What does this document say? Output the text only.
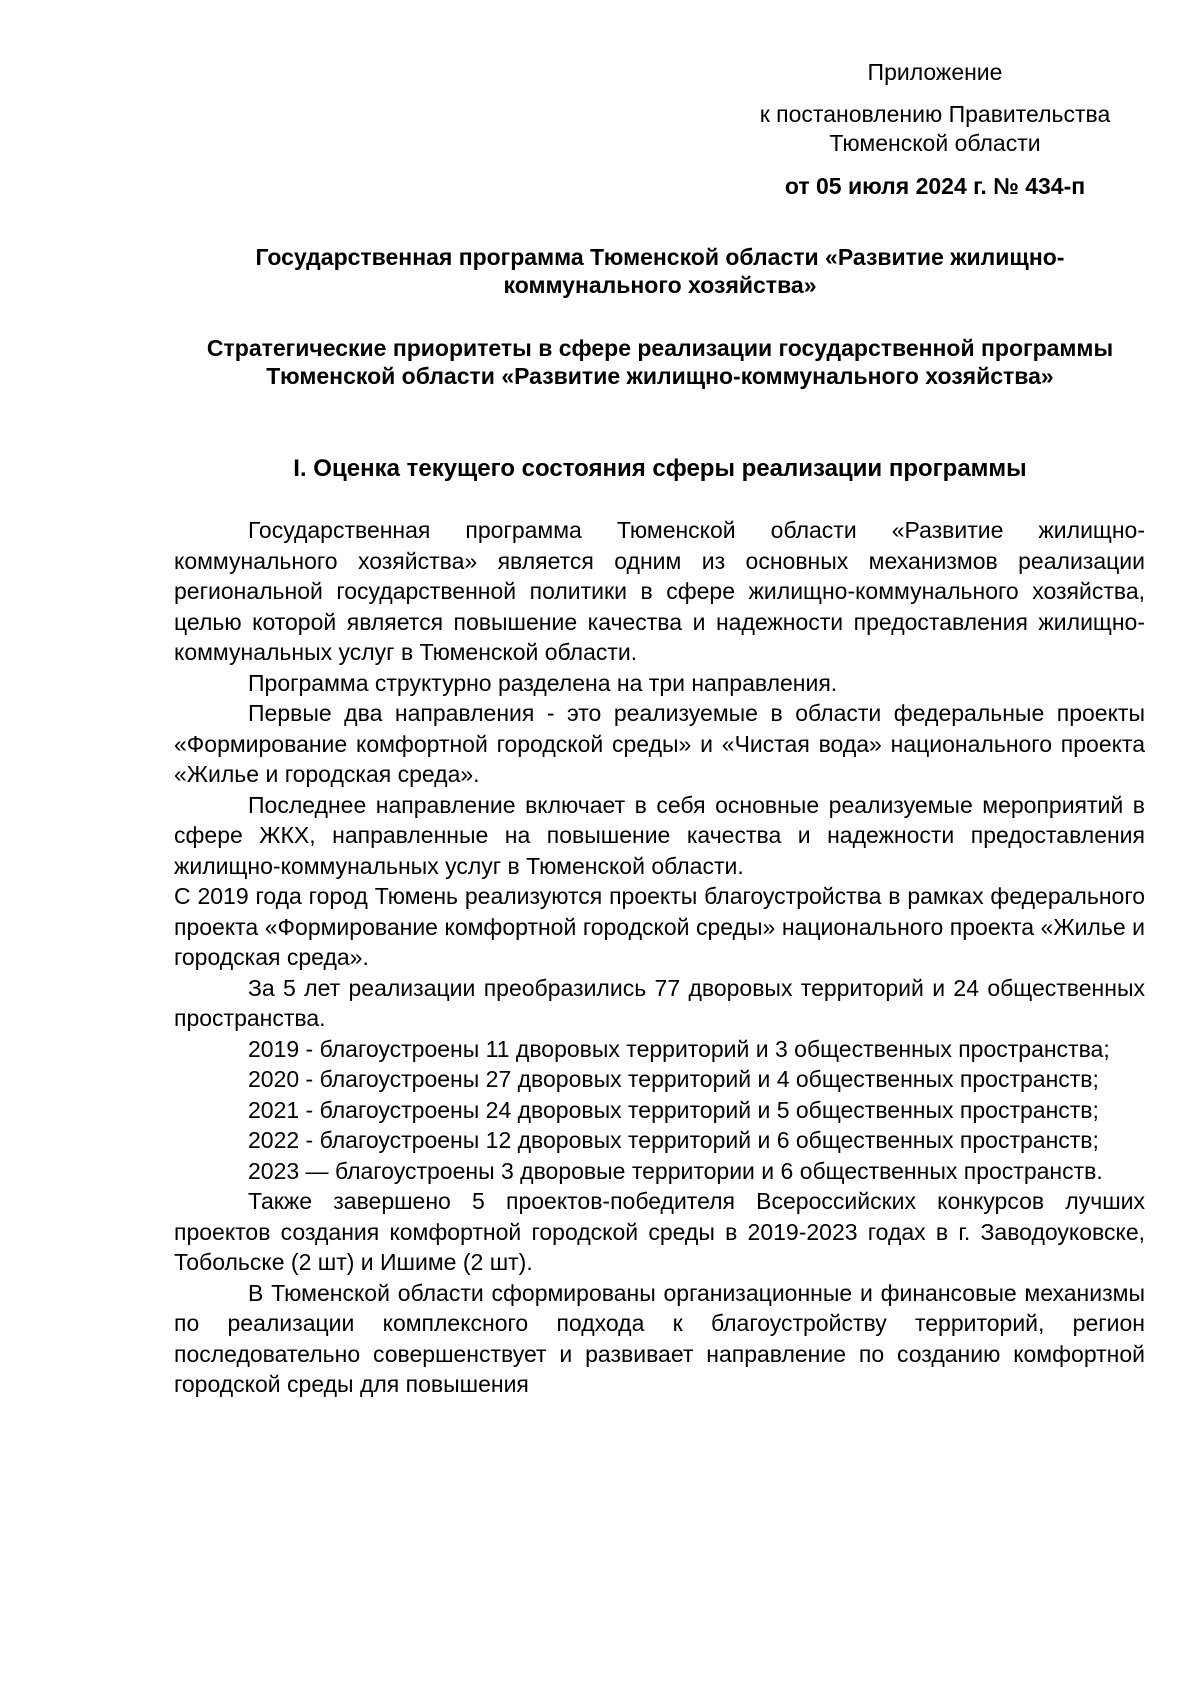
Приложение
к постановлению Правительства Тюменской области
от 05 июля 2024 г. № 434-п
Государственная программа Тюменской области «Развитие жилищно-коммунального хозяйства»
Стратегические приоритеты в сфере реализации государственной программы Тюменской области «Развитие жилищно-коммунального хозяйства»
I. Оценка текущего состояния сферы реализации программы

Государственная программа Тюменской области «Развитие жилищно-коммунального хозяйства» является одним из основных механизмов реализации региональной государственной политики в сфере жилищно-коммунального хозяйства, целью которой является повышение качества и надежности предоставления жилищно-коммунальных услуг в Тюменской области.

Программа структурно разделена на три направления.

Первые два направления - это реализуемые в области федеральные проекты «Формирование комфортной городской среды» и «Чистая вода» национального проекта «Жилье и городская среда».

Последнее направление включает в себя основные реализуемые мероприятий в сфере ЖКХ, направленные на повышение качества и надежности предоставления жилищно-коммунальных услуг в Тюменской области.

С 2019 года город Тюмень реализуются проекты благоустройства в рамках федерального проекта «Формирование комфортной городской среды» национального проекта «Жилье и городская среда».

За 5 лет реализации преобразились 77 дворовых территорий и 24 общественных пространства.

2019 - благоустроены 11 дворовых территорий и 3 общественных пространства;

2020 - благоустроены 27 дворовых территорий и 4 общественных пространств;

2021 - благоустроены 24 дворовых территорий и 5 общественных пространств;

2022 - благоустроены 12 дворовых территорий и 6 общественных пространств;

2023 — благоустроены 3 дворовые территории и 6 общественных пространств.

Также завершено 5 проектов-победителя Всероссийских конкурсов лучших проектов создания комфортной городской среды в 2019-2023 годах в г. Заводоуковске, Тобольске (2 шт) и Ишиме (2 шт).

В Тюменской области сформированы организационные и финансовые механизмы по реализации комплексного подхода к благоустройству территорий, регион последовательно совершенствует и развивает направление по созданию комфортной городской среды для повышения
